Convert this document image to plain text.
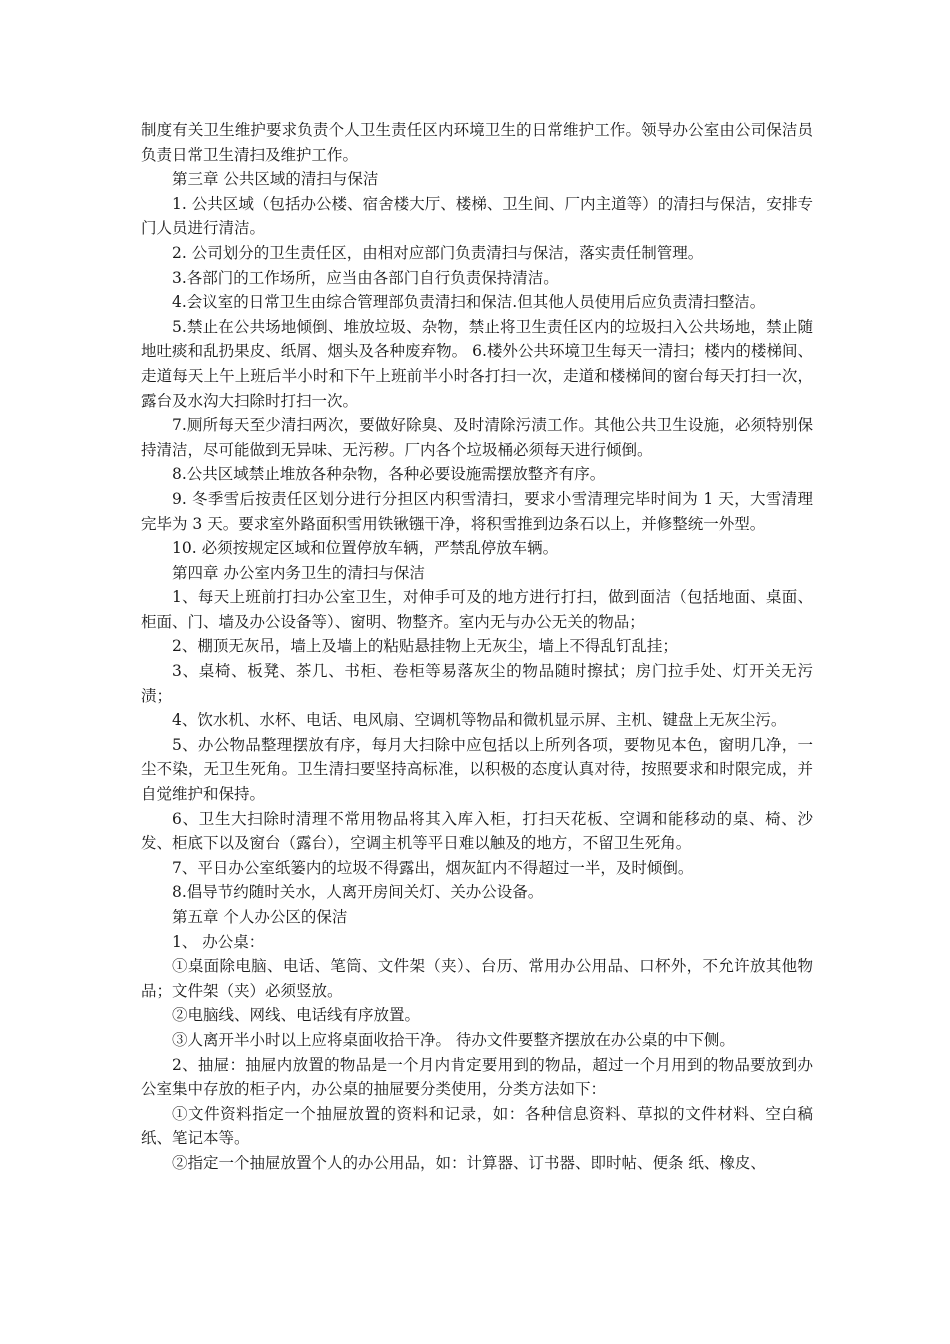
制度有关卫生维护要求负责个人卫生责任区内环境卫生的日常维护工作。领导办公室由公司保洁员负责日常卫生清扫及维护工作。

第三章 公共区域的清扫与保洁

1. 公共区域（包括办公楼、宿舍楼大厅、楼梯、卫生间、厂内主道等）的清扫与保洁，安排专门人员进行清洁。

2. 公司划分的卫生责任区，由相对应部门负责清扫与保洁，落实责任制管理。

3.各部门的工作场所，应当由各部门自行负责保持清洁。

4.会议室的日常卫生由综合管理部负责清扫和保洁.但其他人员使用后应负责清扫整洁。

5.禁止在公共场地倾倒、堆放垃圾、杂物，禁止将卫生责任区内的垃圾扫入公共场地，禁止随地吐痰和乱扔果皮、纸屑、烟头及各种废弃物。 6.楼外公共环境卫生每天一清扫；楼内的楼梯间、走道每天上午上班后半小时和下午上班前半小时各打扫一次，走道和楼梯间的窗台每天打扫一次，露台及水沟大扫除时打扫一次。

7.厕所每天至少清扫两次，要做好除臭、及时清除污渍工作。其他公共卫生设施，必须特别保持清洁，尽可能做到无异味、无污秽。厂内各个垃圾桶必须每天进行倾倒。

8.公共区域禁止堆放各种杂物，各种必要设施需摆放整齐有序。

9. 冬季雪后按责任区划分进行分担区内积雪清扫，要求小雪清理完毕时间为 1 天，大雪清理完毕为 3 天。要求室外路面积雪用铁锹镪干净，将积雪推到边条石以上，并修整统一外型。

10. 必须按规定区域和位置停放车辆，严禁乱停放车辆。

第四章 办公室内务卫生的清扫与保洁

1、每天上班前打扫办公室卫生，对伸手可及的地方进行打扫，做到面洁（包括地面、桌面、柜面、门、墙及办公设备等）、窗明、物整齐。室内无与办公无关的物品；

2、棚顶无灰吊，墙上及墙上的粘贴悬挂物上无灰尘，墙上不得乱钉乱挂；

3、桌椅、板凳、茶几、书柜、卷柜等易落灰尘的物品随时擦拭；房门拉手处、灯开关无污渍；

4、饮水机、水杯、电话、电风扇、空调机等物品和微机显示屏、主机、键盘上无灰尘污。

5、办公物品整理摆放有序，每月大扫除中应包括以上所列各项，要物见本色，窗明几净，一尘不染，无卫生死角。卫生清扫要坚持高标准，以积极的态度认真对待，按照要求和时限完成，并自觉维护和保持。

6、卫生大扫除时清理不常用物品将其入库入柜，打扫天花板、空调和能移动的桌、椅、沙发、柜底下以及窗台（露台），空调主机等平日难以触及的地方，不留卫生死角。

7、平日办公室纸篓内的垃圾不得露出，烟灰缸内不得超过一半，及时倾倒。

8.倡导节约随时关水，人离开房间关灯、关办公设备。

第五章 个人办公区的保洁

1、 办公桌：

①桌面除电脑、电话、笔筒、文件架（夹）、台历、常用办公用品、口杯外，不允许放其他物品；文件架（夹）必须竖放。

②电脑线、网线、电话线有序放置。

③人离开半小时以上应将桌面收拾干净。 待办文件要整齐摆放在办公桌的中下侧。

2、抽屉：抽屉内放置的物品是一个月内肯定要用到的物品，超过一个月用到的物品要放到办公室集中存放的柜子内，办公桌的抽屉要分类使用，分类方法如下：

①文件资料指定一个抽屉放置的资料和记录，如：各种信息资料、草拟的文件材料、空白稿纸、笔记本等。

②指定一个抽屉放置个人的办公用品，如：计算器、订书器、即时帖、便条 纸、橡皮、
